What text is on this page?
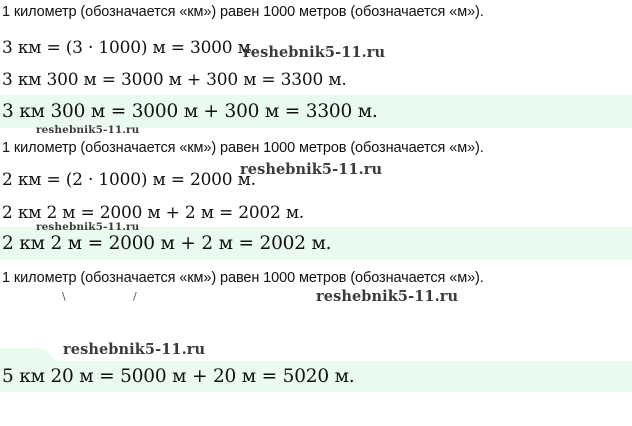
1 километр (обозначается «км») равен 1000 метров (обозначается «м»).
3 км = (3 · 1000) м = 3000 м.
reshebnik5-11.ru
3 км 300 м = 3000 м + 300 м = 3300 м.
3 км 300 м = 3000 м + 300 м = 3300 м.
reshebnik5-11.ru
1 километр (обозначается «км») равен 1000 метров (обозначается «м»).
2 км = (2 · 1000) м = 2000 м.
reshebnik5-11.ru
2 км 2 м = 2000 м + 2 м = 2002 м.
reshebnik5-11.ru
2 км 2 м = 2000 м + 2 м = 2002 м.
1 километр (обозначается «км») равен 1000 метров (обозначается «м»).
\	/	reshebnik5-11.ru
reshebnik5-11.ru
5 км 20 м = 5000 м + 20 м = 5020 м.
